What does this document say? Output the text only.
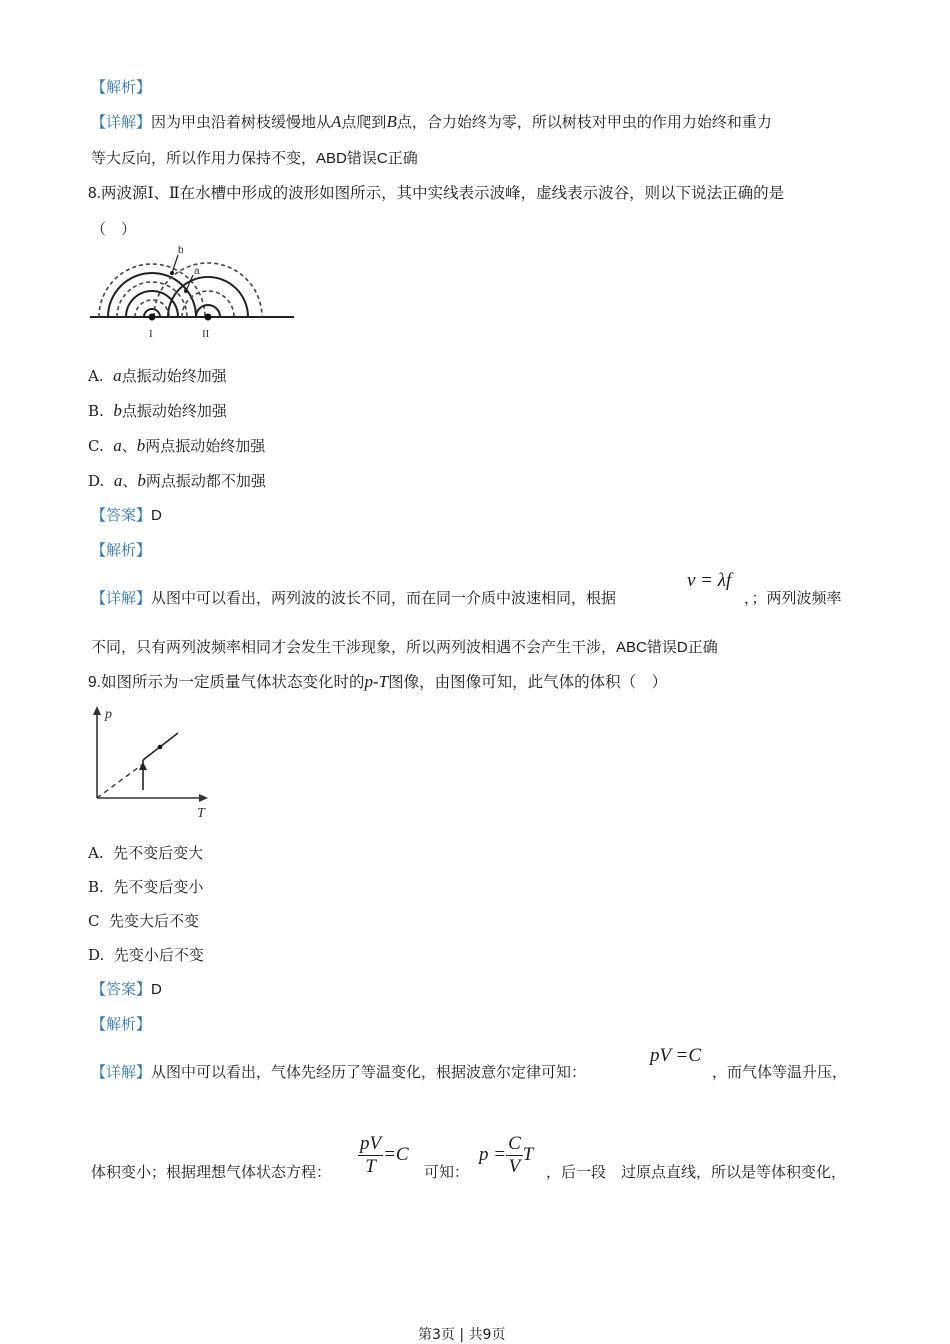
【解析】
【详解】因为甲虫沿着树枝缓慢地从A点爬到B点，合力始终为零，所以树枝对甲虫的作用力始终和重力
等大反向，所以作用力保持不变，ABD错误C正确
8.两波源Ⅰ、Ⅱ在水槽中形成的波形如图所示，其中实线表示波峰，虚线表示波谷，则以下说法正确的是
（　）
a
b
I	II
A. a点振动始终加强
B. b点振动始终加强
C. a、b两点振动始终加强
D. a、b两点振动都不加强
【答案】D
【解析】
【详解】从图中可以看出，两列波的波长不同，而在同一介质中波速相同，根据
v = λf
，；两列波频率
不同，只有两列波频率相同才会发生干涉现象，所以两列波相遇不会产生干涉，ABC错误D正确
9.如图所示为一定质量气体状态变化时的p-T图像，由图像可知，此气体的体积（　）
p
T
A. 先不变后变大
B. 先不变后变小
C 先变大后不变
D. 先变小后不变
【答案】D
【解析】
【详解】从图中可以看出，气体先经历了等温变化，根据波意尔定律可知：
pV =C
，而气体等温升压，
体积变小；根据理想气体状态方程： $\frac{pV}{T} =C$
可知：
$p = \frac{C}{V}$ T
，后一段　过原点直线，所以是等体积变化，
第3页 | 共9页
